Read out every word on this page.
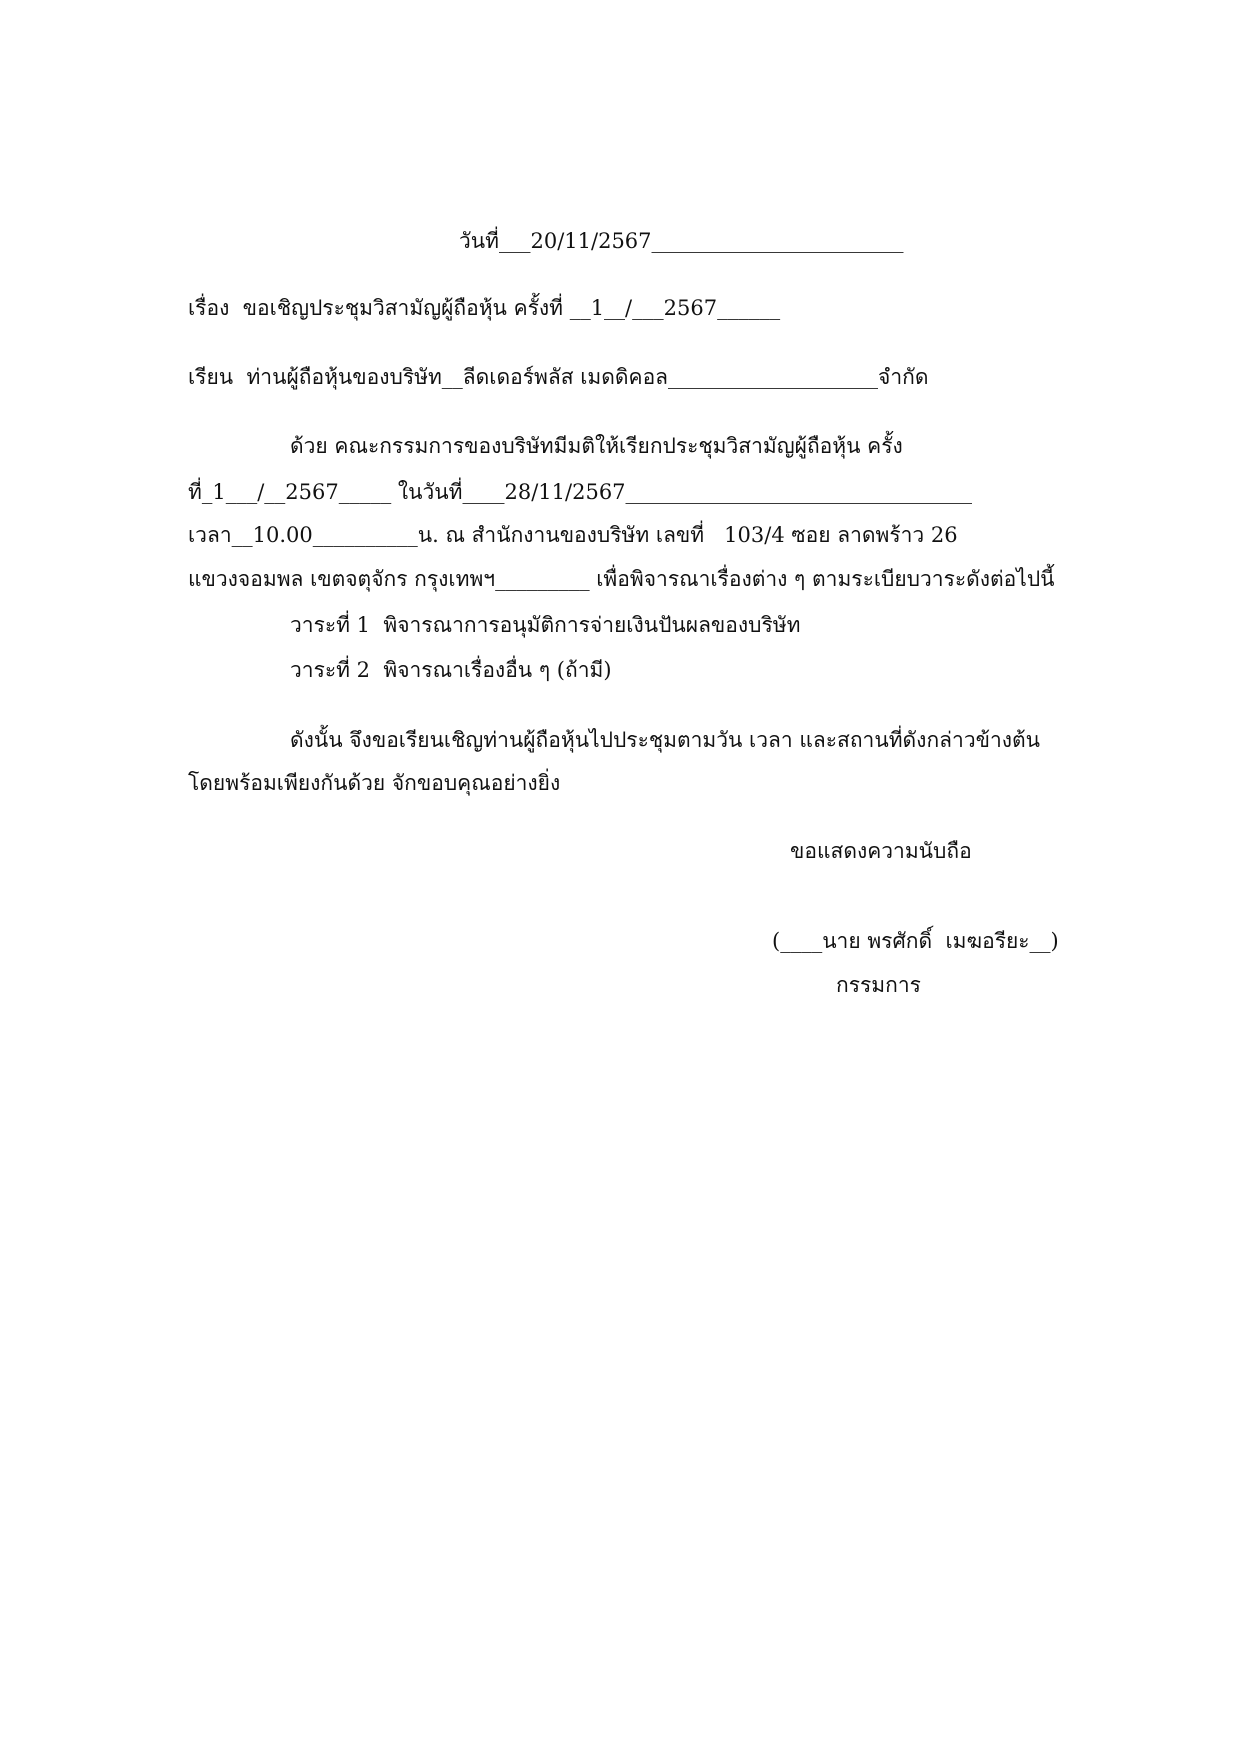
วันที่___20/11/2567________________________
เรื่อง  ขอเชิญประชุมวิสามัญผู้ถือหุ้น ครั้งที่ __1__/___2567______
เรียน  ท่านผู้ถือหุ้นของบริษัท__ลีดเดอร์พลัส เมดดิคอล____________________จำกัด
ด้วย คณะกรรมการของบริษัทมีมติให้เรียกประชุมวิสามัญผู้ถือหุ้น ครั้ง
ที่_1___/__2567_____ ในวันที่____28/11/2567_________________________________
เวลา__10.00__________น. ณ สำนักงานของบริษัท เลขที่   103/4 ซอย ลาดพร้าว 26
แขวงจอมพล เขตจตุจักร กรุงเทพฯ_________ เพื่อพิจารณาเรื่องต่าง ๆ ตามระเบียบวาระดังต่อไปนี้
วาระที่ 1  พิจารณาการอนุมัติการจ่ายเงินปันผลของบริษัท
วาระที่ 2  พิจารณาเรื่องอื่น ๆ (ถ้ามี)
ดังนั้น จึงขอเรียนเชิญท่านผู้ถือหุ้นไปประชุมตามวัน เวลา และสถานที่ดังกล่าวข้างต้น
โดยพร้อมเพียงกันด้วย จักขอบคุณอย่างยิ่ง
ขอแสดงความนับถือ
(____นาย พรศักดิ์  เมฆอรียะ__)
กรรมการ
